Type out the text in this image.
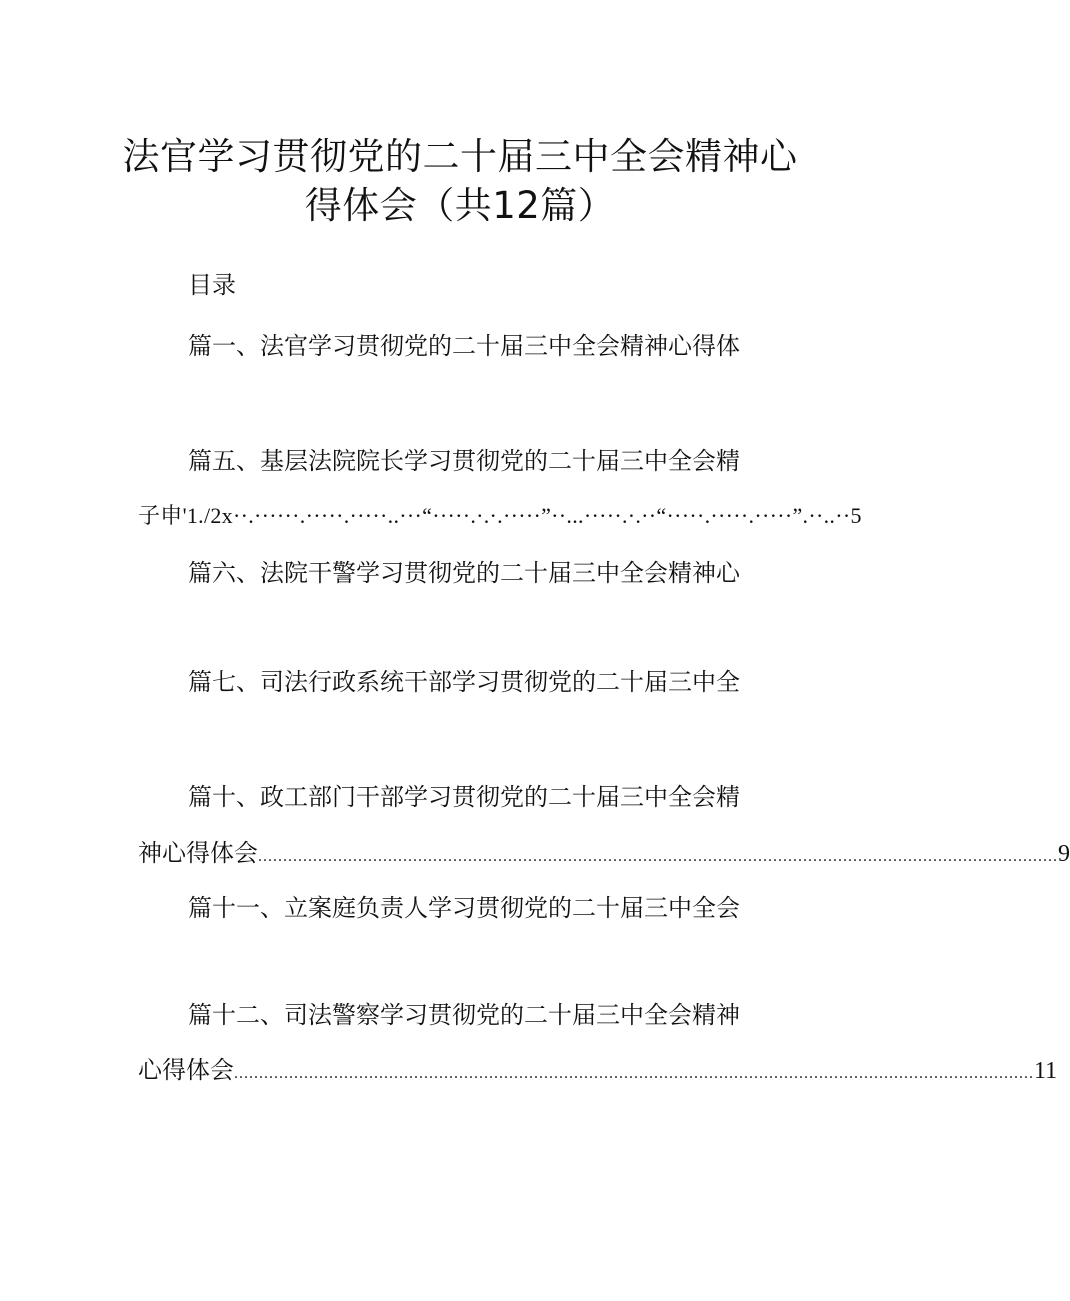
法官学习贯彻党的二十届三中全会精神心
得体会（共12篇）
目录
篇一、法官学习贯彻党的二十届三中全会精神心得体
篇五、基层法院院长学习贯彻党的二十届三中全会精
子申'1./2x··.······.·····.·····..···“·····.·.·.·····”··...·····.·.··“·····.·····.·····”.··..··5
篇六、法院干警学习贯彻党的二十届三中全会精神心
篇七、司法行政系统干部学习贯彻党的二十届三中全
篇十、政工部门干部学习贯彻党的二十届三中全会精
神心得体会 ................................................................................................................................................................ 9
篇十一、立案庭负责人学习贯彻党的二十届三中全会
篇十二、司法警察学习贯彻党的二十届三中全会精神
心得体会 ................................................................................................................................................................ 11
